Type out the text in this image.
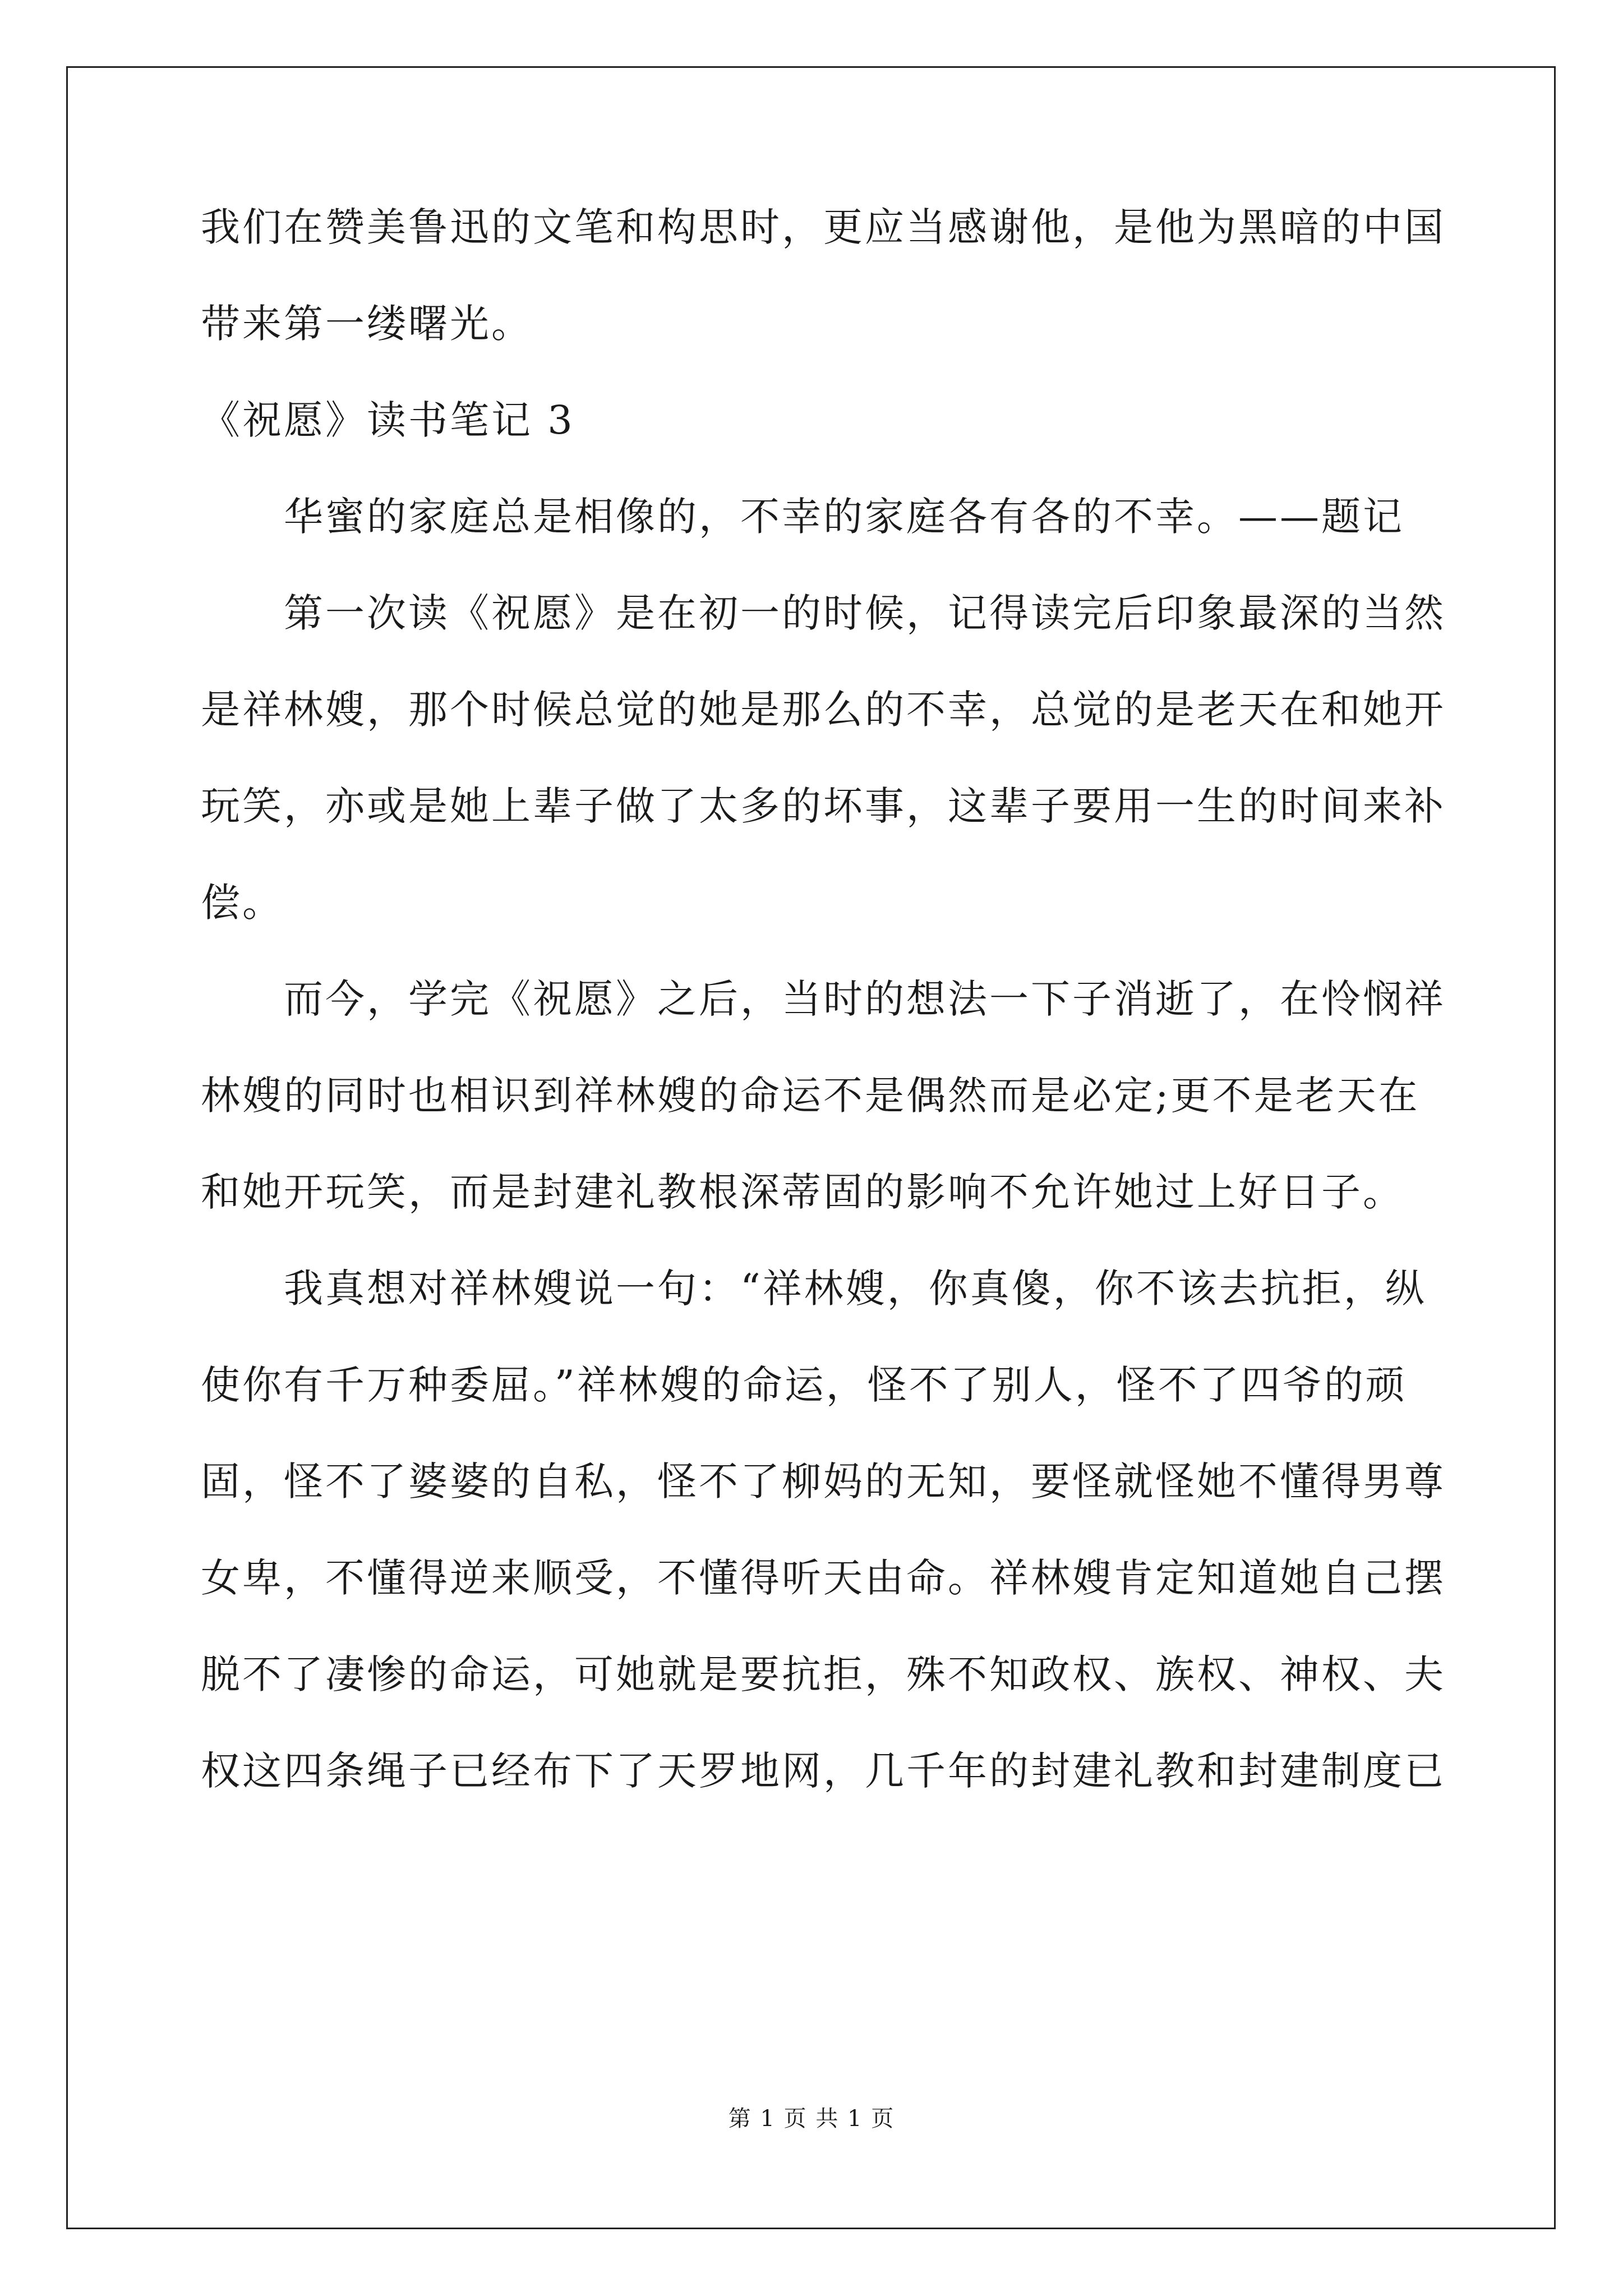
我们在赞美鲁迅的文笔和构思时，更应当感谢他，是他为黑暗的中国
带来第一缕曙光。
《祝愿》读书笔记 3
华蜜的家庭总是相像的，不幸的家庭各有各的不幸。——题记
第一次读《祝愿》是在初一的时候，记得读完后印象最深的当然
是祥林嫂，那个时候总觉的她是那么的不幸，总觉的是老天在和她开
玩笑，亦或是她上辈子做了太多的坏事，这辈子要用一生的时间来补
偿。
而今，学完《祝愿》之后，当时的想法一下子消逝了，在怜悯祥
林嫂的同时也相识到祥林嫂的命运不是偶然而是必定;更不是老天在
和她开玩笑，而是封建礼教根深蒂固的影响不允许她过上好日子。
我真想对祥林嫂说一句：“祥林嫂，你真傻，你不该去抗拒，纵
使你有千万种委屈。”祥林嫂的命运，怪不了别人，怪不了四爷的顽
固，怪不了婆婆的自私，怪不了柳妈的无知，要怪就怪她不懂得男尊
女卑，不懂得逆来顺受，不懂得听天由命。祥林嫂肯定知道她自己摆
脱不了凄惨的命运，可她就是要抗拒，殊不知政权、族权、神权、夫
权这四条绳子已经布下了天罗地网，几千年的封建礼教和封建制度已
第 1 页 共 1 页
